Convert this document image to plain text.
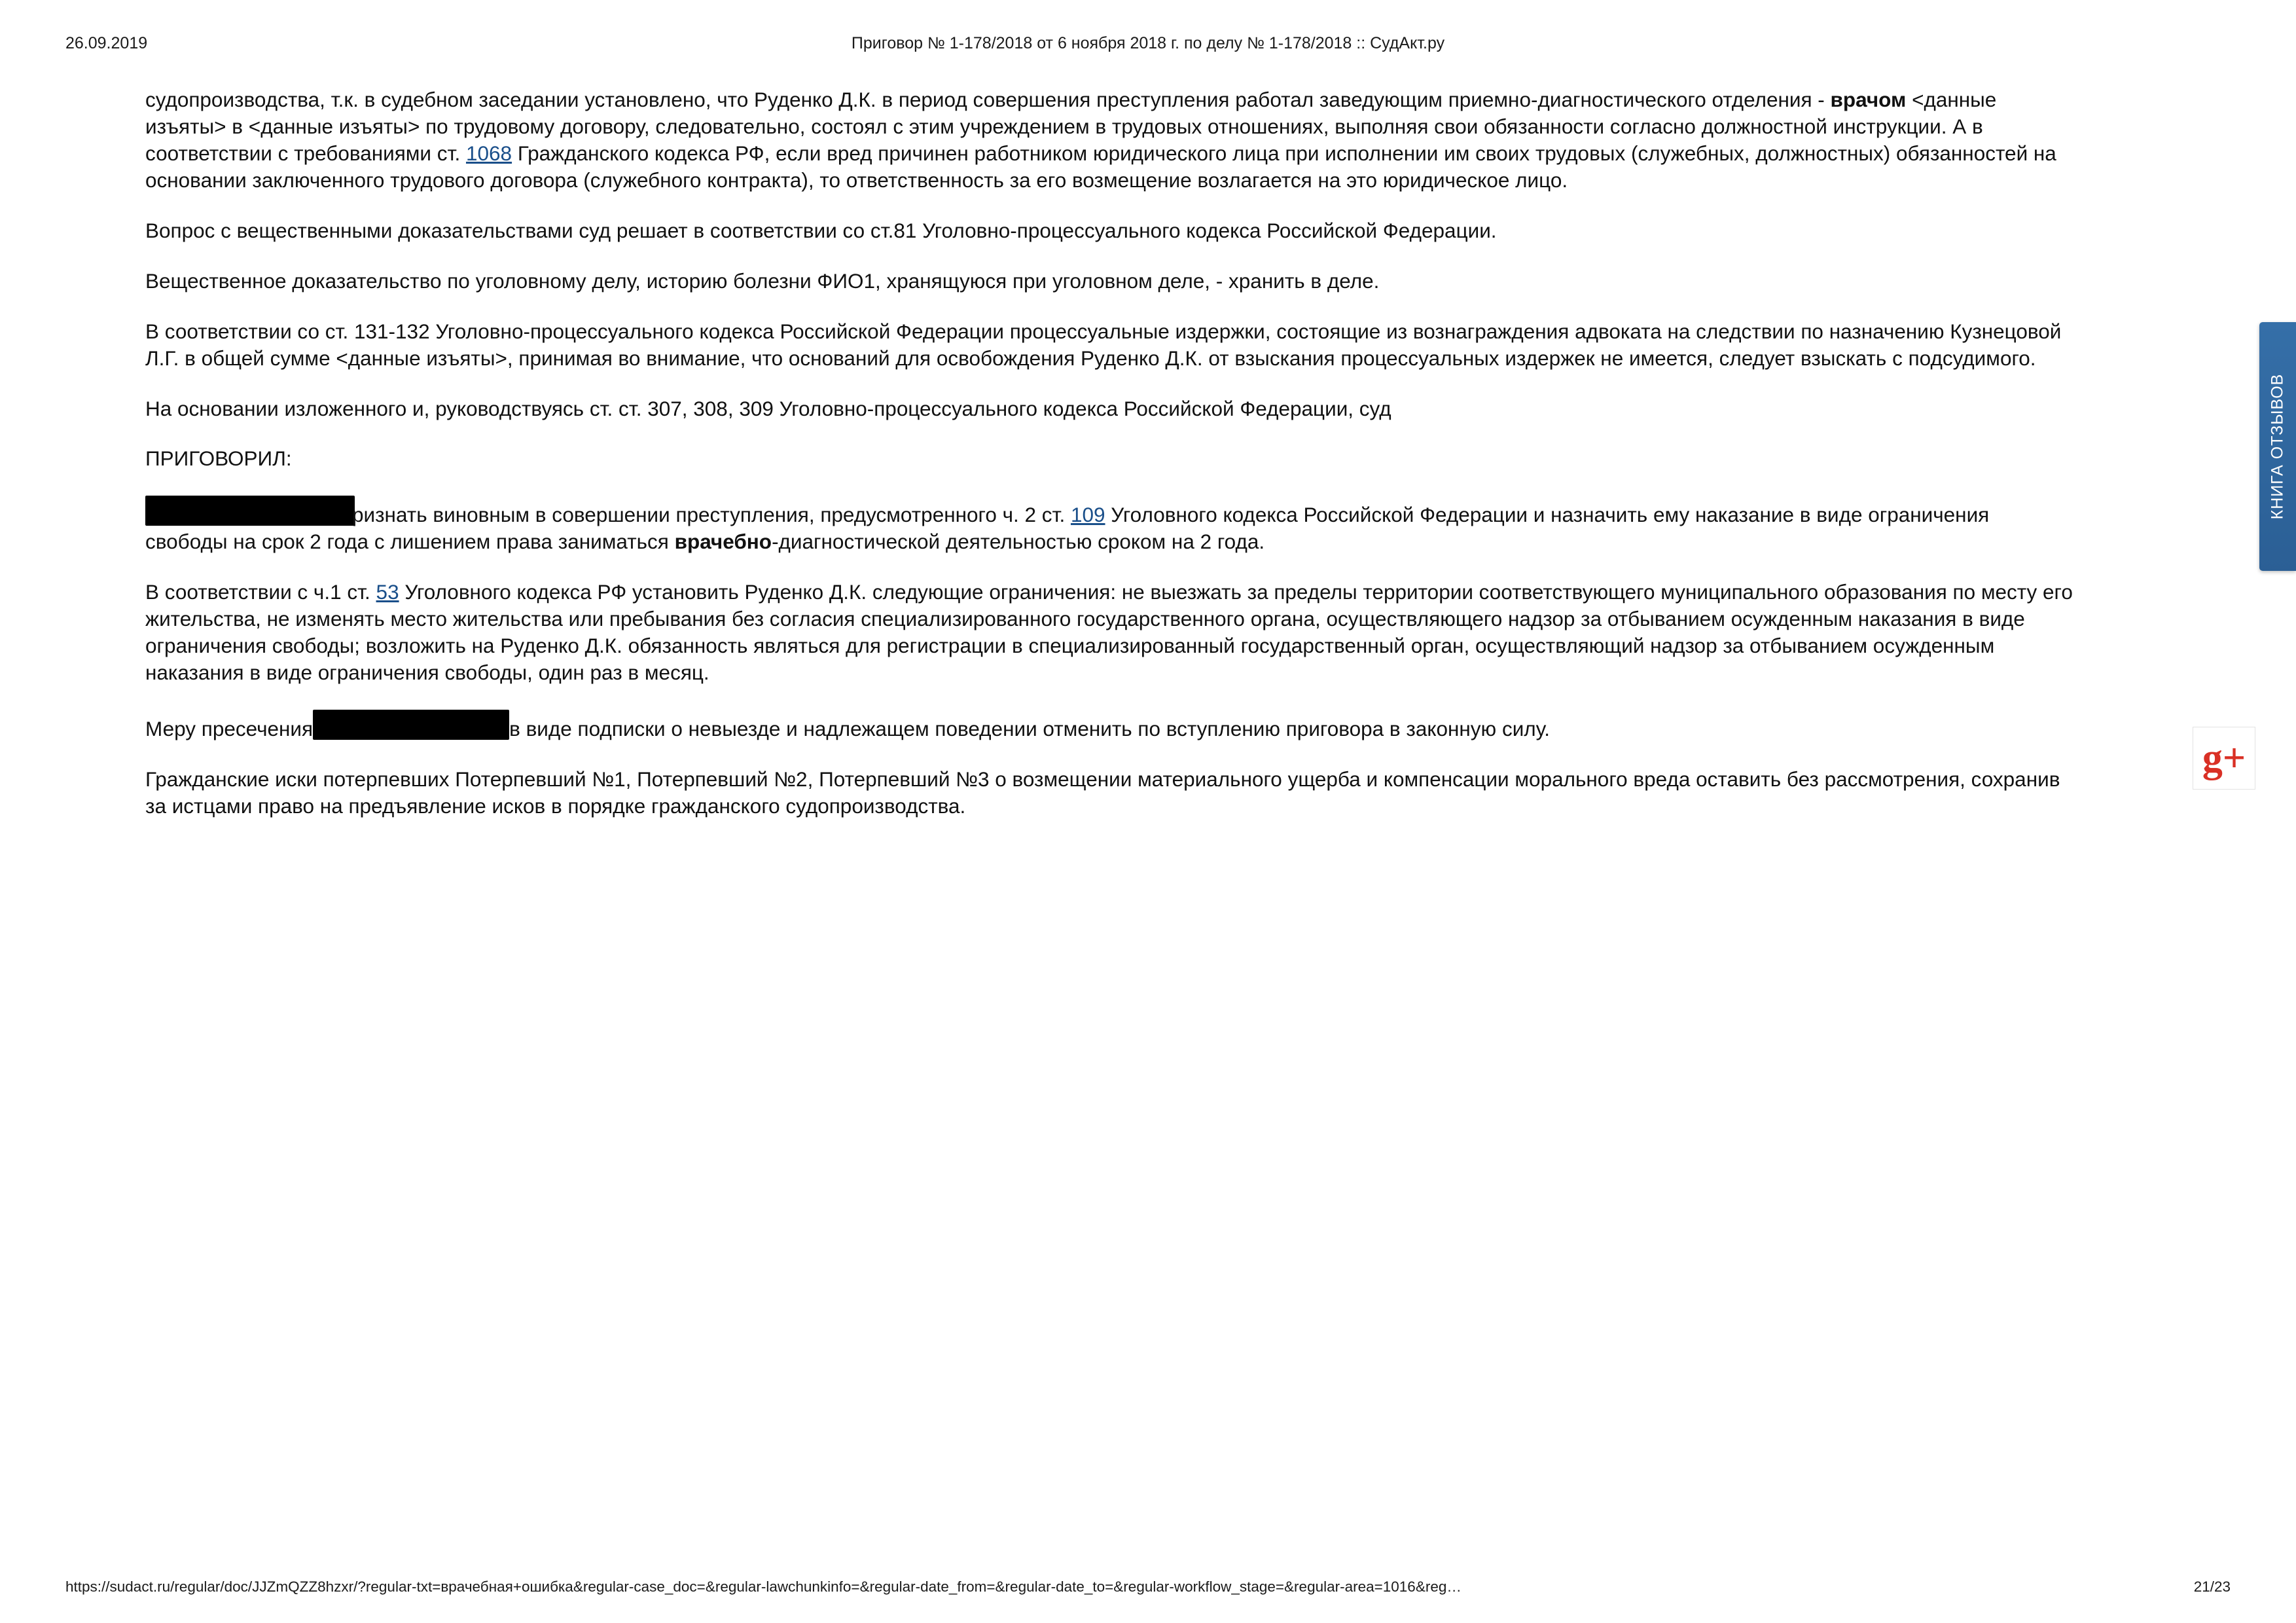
26.09.2019	Приговор № 1-178/2018 от 6 ноября 2018 г. по делу № 1-178/2018 :: СудАкт.ру

судопроизводства, т.к. в судебном заседании установлено, что Руденко Д.К. в период совершения преступления работал заведующим приемно-диагностического отделения - врачом <данные изъяты> в <данные изъяты> по трудовому договору, следовательно, состоял с этим учреждением в трудовых отношениях, выполняя свои обязанности согласно должностной инструкции. А в соответствии с требованиями ст. 1068 Гражданского кодекса РФ, если вред причинен работником юридического лица при исполнении им своих трудовых (служебных, должностных) обязанностей на основании заключенного трудового договора (служебного контракта), то ответственность за его возмещение возлагается на это юридическое лицо.

Вопрос с вещественными доказательствами суд решает в соответствии со ст.81 Уголовно-процессуального кодекса Российской Федерации.

Вещественное доказательство по уголовному делу, историю болезни ФИО1, хранящуюся при уголовном деле, - хранить в деле.

В соответствии со ст. 131-132 Уголовно-процессуального кодекса Российской Федерации процессуальные издержки, состоящие из вознаграждения адвоката на следствии по назначению Кузнецовой Л.Г. в общей сумме <данные изъяты>, принимая во внимание, что оснований для освобождения Руденко Д.К. от взыскания процессуальных издержек не имеется, следует взыскать с подсудимого.

На основании изложенного и, руководствуясь ст. ст. 307, 308, 309 Уголовно-процессуального кодекса Российской Федерации, суд

ПРИГОВОРИЛ:

ризнать виновным в совершении преступления, предусмотренного ч. 2 ст. 109 Уголовного кодекса Российской Федерации и назначить ему наказание в виде ограничения свободы на срок 2 года с лишением права заниматься врачебно-диагностической деятельностью сроком на 2 года.

В соответствии с ч.1 ст. 53 Уголовного кодекса РФ установить Руденко Д.К. следующие ограничения: не выезжать за пределы территории соответствующего муниципального образования по месту его жительства, не изменять место жительства или пребывания без согласия специализированного государственного органа, осуществляющего надзор за отбыванием осужденным наказания в виде ограничения свободы; возложить на Руденко Д.К. обязанность являться для регистрации в специализированный государственный орган, осуществляющий надзор за отбыванием осужденным наказания в виде ограничения свободы, один раз в месяц.

Меру пресечения	в виде подписки о невыезде и надлежащем поведении отменить по вступлению приговора в законную силу.

Гражданские иски потерпевших Потерпевший №1, Потерпевший №2, Потерпевший №3 о возмещении материального ущерба и компенсации морального вреда оставить без рассмотрения, сохранив за истцами право на предъявление исков в порядке гражданского судопроизводства.

КНИГА ОТЗЫВОВ
g+
https://sudact.ru/regular/doc/JJZmQZZ8hzxr/?regular-txt=врачебная+ошибка&regular-case_doc=&regular-lawchunkinfo=&regular-date_from=&regular-date_to=&regular-workflow_stage=&regular-area=1016&reg…	21/23
